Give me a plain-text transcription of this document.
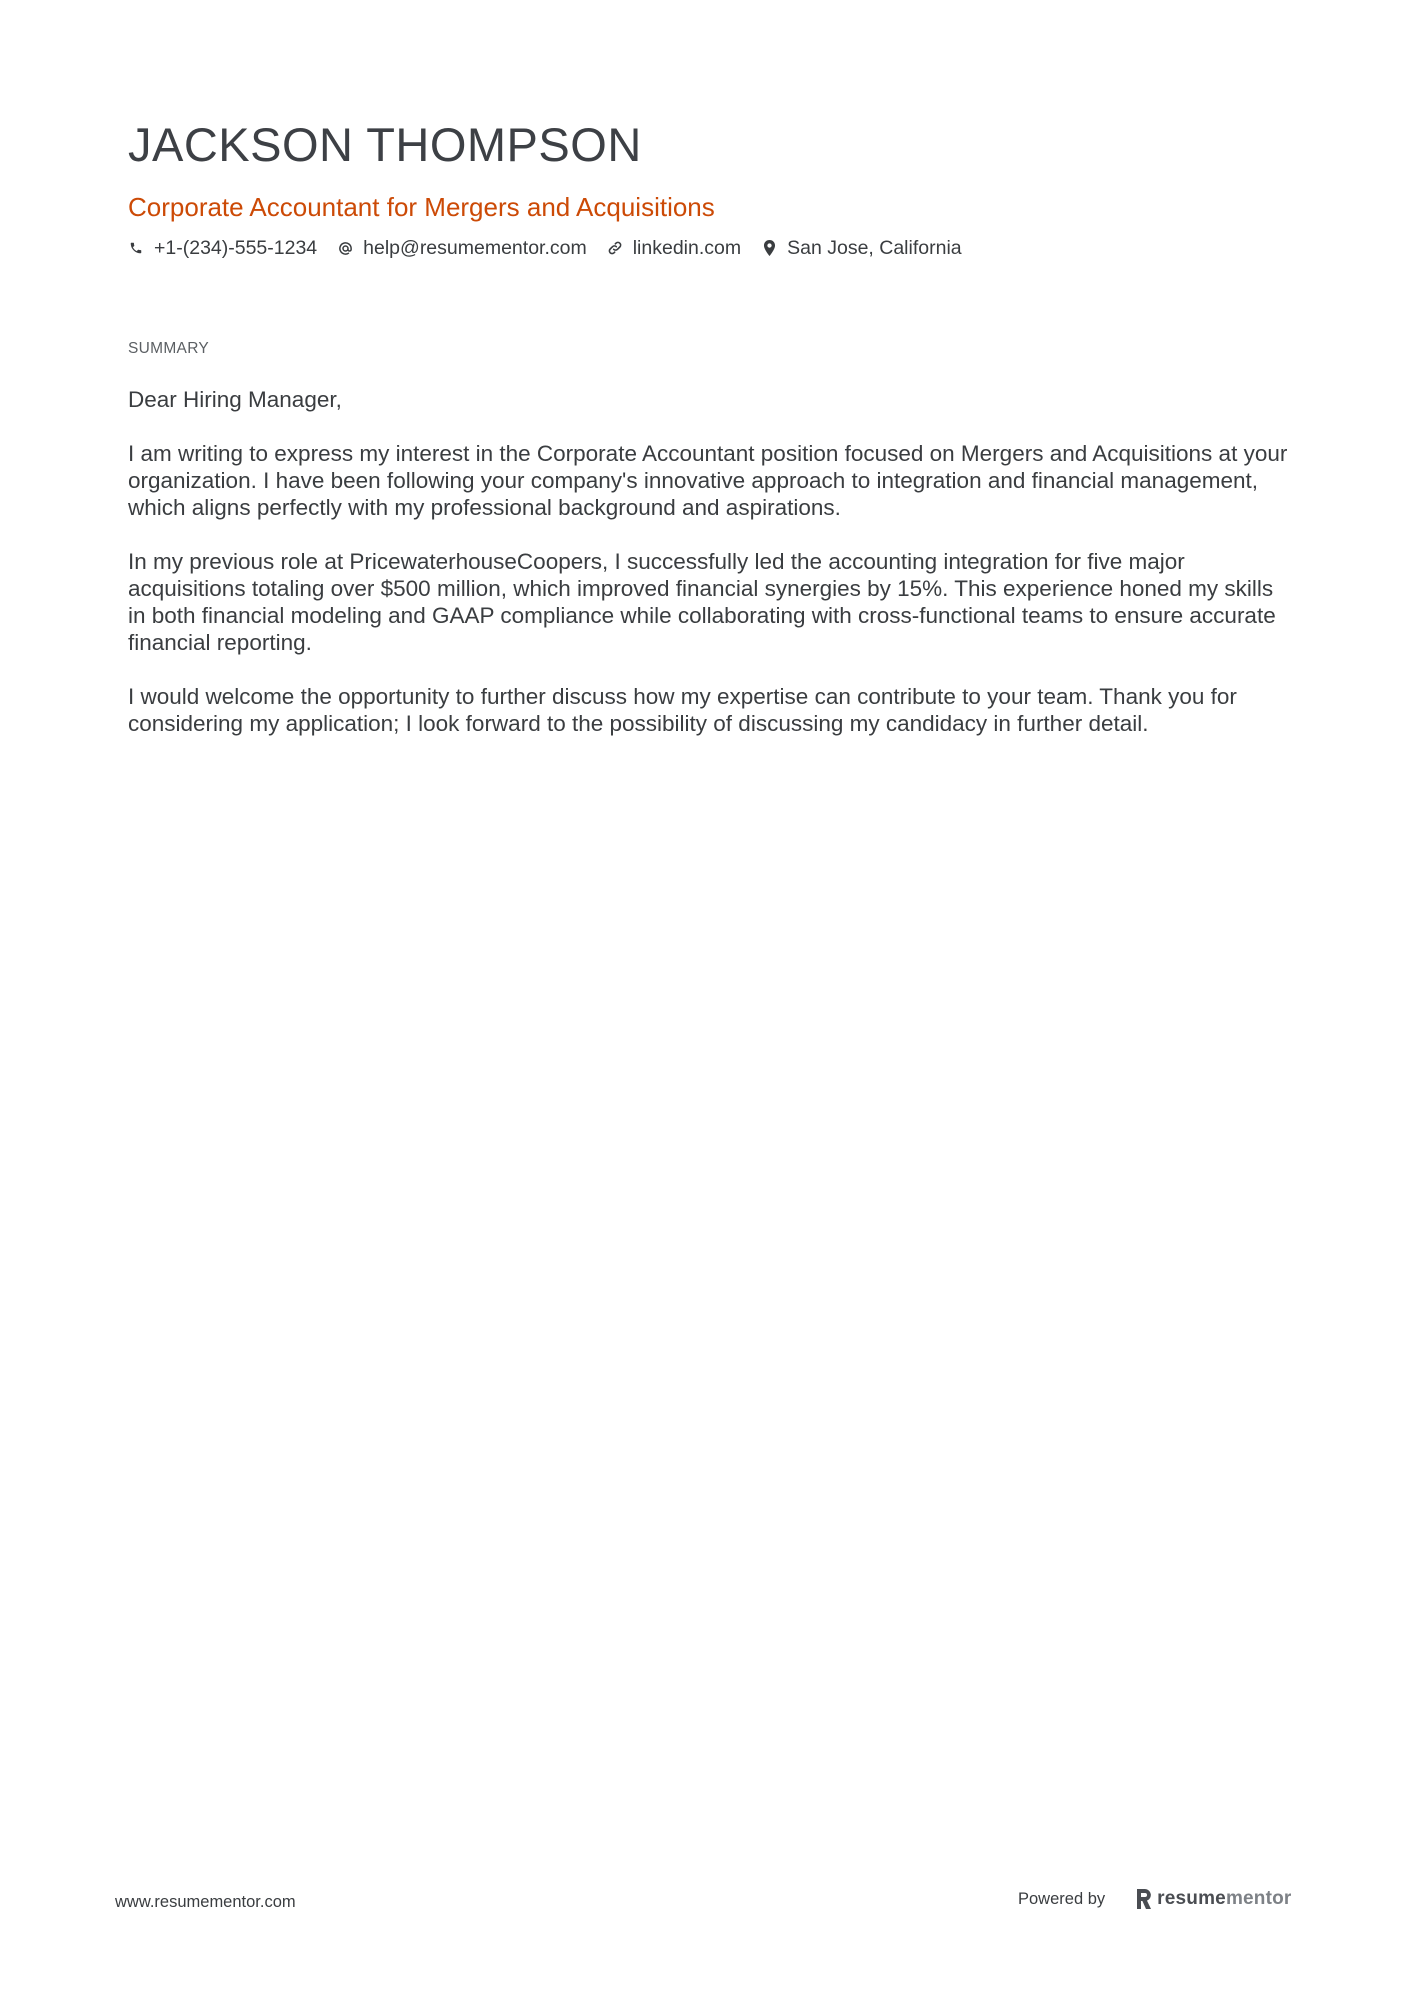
JACKSON THOMPSON
Corporate Accountant for Mergers and Acquisitions
+1-(234)-555-1234 help@resumementor.com linkedin.com San Jose, California
SUMMARY

Dear Hiring Manager,

I am writing to express my interest in the Corporate Accountant position focused on Mergers and Acquisitions at your organization. I have been following your company's innovative approach to integration and financial management, which aligns perfectly with my professional background and aspirations.

In my previous role at PricewaterhouseCoopers, I successfully led the accounting integration for five major acquisitions totaling over $500 million, which improved financial synergies by 15%. This experience honed my skills in both financial modeling and GAAP compliance while collaborating with cross-functional teams to ensure accurate financial reporting.

I would welcome the opportunity to further discuss how my expertise can contribute to your team. Thank you for considering my application; I look forward to the possibility of discussing my candidacy in further detail.

www.resumementor.com	Powered by	resume mentor
